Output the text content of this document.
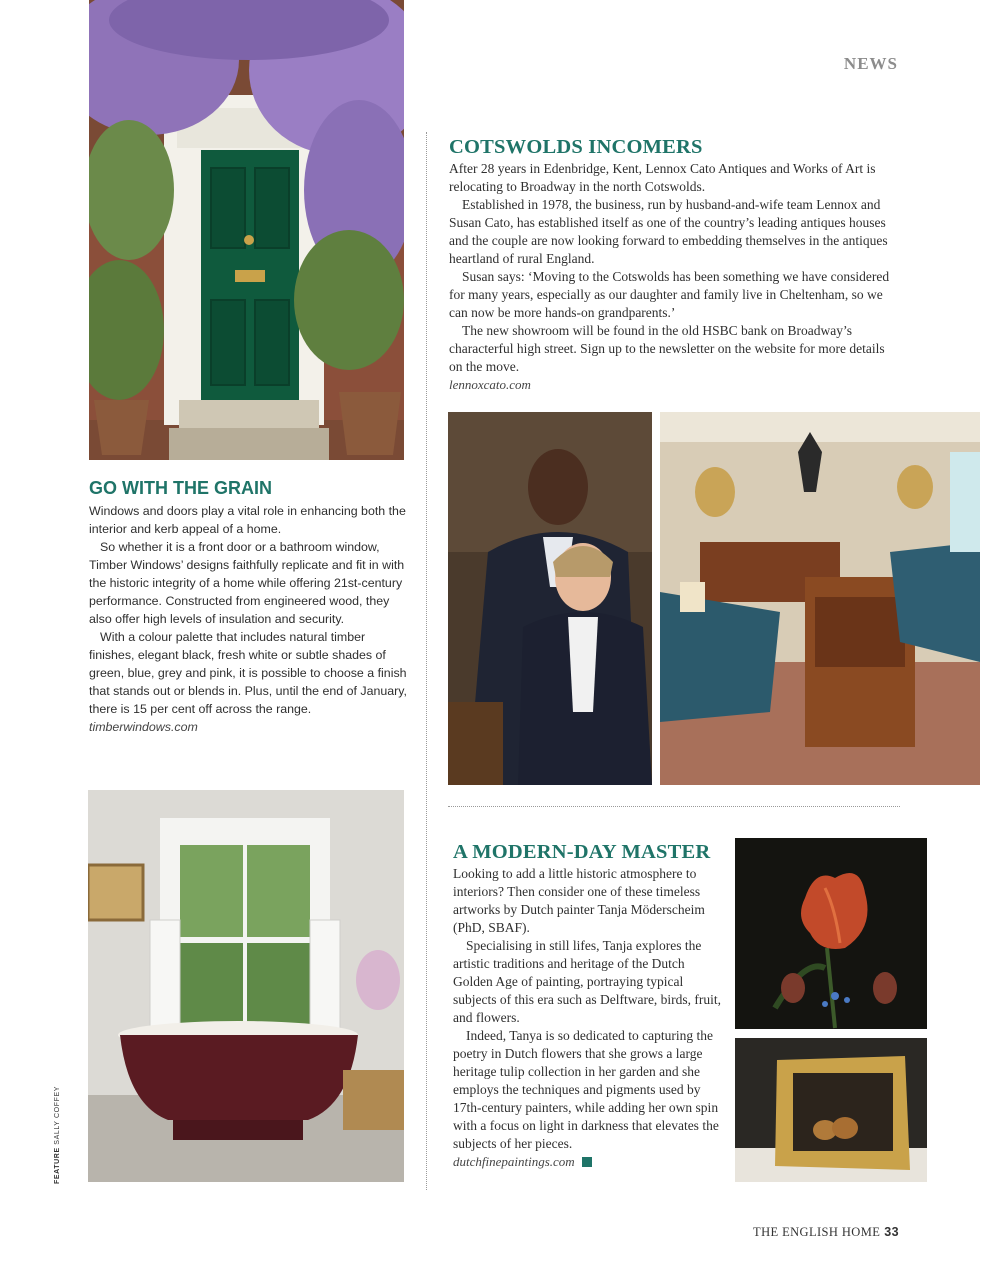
NEWS
GO WITH THE GRAIN

Windows and doors play a vital role in enhancing both the interior and kerb appeal of a home.

So whether it is a front door or a bathroom window, Timber Windows’ designs faithfully replicate and fit in with the historic integrity of a home while offering 21st-century performance. Constructed from engineered wood, they also offer high levels of insulation and security.

With a colour palette that includes natural timber finishes, elegant black, fresh white or subtle shades of green, blue, grey and pink, it is possible to choose a finish that stands out or blends in. Plus, until the end of January, there is 15 per cent off across the range.

timberwindows.com
COTSWOLDS INCOMERS

After 28 years in Edenbridge, Kent, Lennox Cato Antiques and Works of Art is relocating to Broadway in the north Cotswolds.

Established in 1978, the business, run by husband-and-wife team Lennox and Susan Cato, has established itself as one of the country’s leading antiques houses and the couple are now looking forward to embedding themselves in the antiques heartland of rural England.

Susan says: ‘Moving to the Cotswolds has been something we have considered for many years, especially as our daughter and family live in Cheltenham, so we can now be more hands-on grandparents.’

The new showroom will be found in the old HSBC bank on Broadway’s characterful high street. Sign up to the newsletter on the website for more details on the move.

lennoxcato.com
A MODERN-DAY MASTER

Looking to add a little historic atmosphere to interiors? Then consider one of these timeless artworks by Dutch painter Tanja Möderscheim (PhD, SBAF).

Specialising in still lifes, Tanja explores the artistic traditions and heritage of the Dutch Golden Age of painting, portraying typical subjects of this era such as Delftware, birds, fruit, and flowers.

Indeed, Tanya is so dedicated to capturing the poetry in Dutch flowers that she grows a large heritage tulip collection in her garden and she employs the techniques and pigments used by 17th-century painters, while adding her own spin with a focus on light in darkness that elevates the subjects of her pieces.

dutchfinepaintings.com
FEATURE SALLY COFFEY
THE ENGLISH HOME 33
